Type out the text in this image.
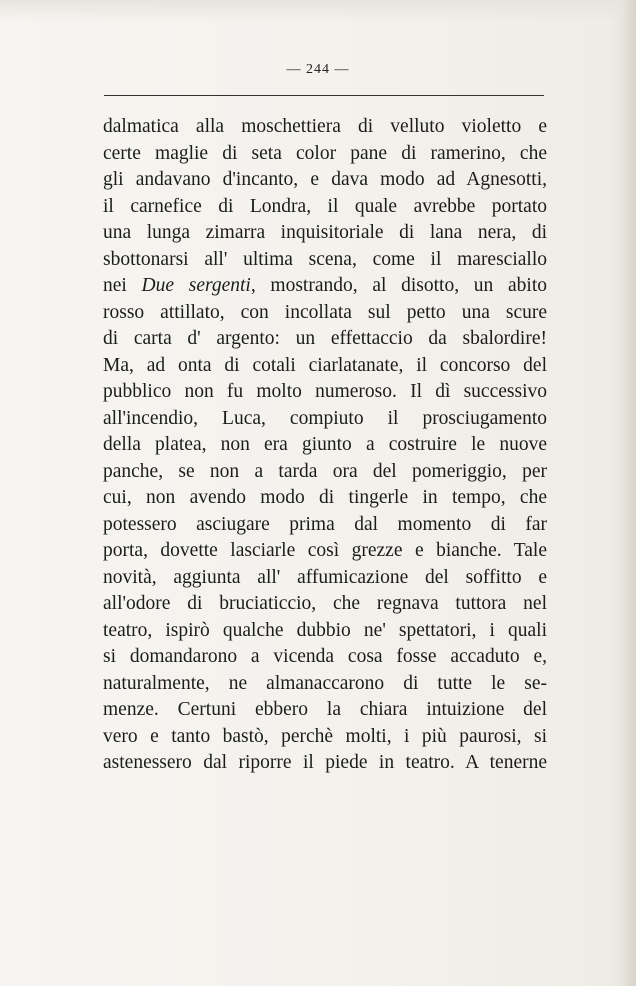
— 244 —
dalmatica alla moschettiera di velluto violetto e
certe maglie di seta color pane di ramerino, che
gli andavano d'incanto, e dava modo ad Agnesotti,
il carnefice di Londra, il quale avrebbe portato
una lunga zimarra inquisitoriale di lana nera, di
sbottonarsi all' ultima scena, come il maresciallo
nei Due sergenti, mostrando, al disotto, un abito
rosso attillato, con incollata sul petto una scure
di carta d' argento: un effettaccio da sbalordire!
Ma, ad onta di cotali ciarlatanate, il concorso del
pubblico non fu molto numeroso. Il dì successivo
all'incendio, Luca, compiuto il prosciugamento
della platea, non era giunto a costruire le nuove
panche, se non a tarda ora del pomeriggio, per
cui, non avendo modo di tingerle in tempo, che
potessero asciugare prima dal momento di far
porta, dovette lasciarle così grezze e bianche. Tale
novità, aggiunta all' affumicazione del soffitto e
all'odore di bruciaticcio, che regnava tuttora nel
teatro, ispirò qualche dubbio ne' spettatori, i quali
si domandarono a vicenda cosa fosse accaduto e,
naturalmente, ne almanaccarono di tutte le se-
menze. Certuni ebbero la chiara intuizione del
vero e tanto bastò, perchè molti, i più paurosi, si
astenessero dal riporre il piede in teatro. A tenerne
